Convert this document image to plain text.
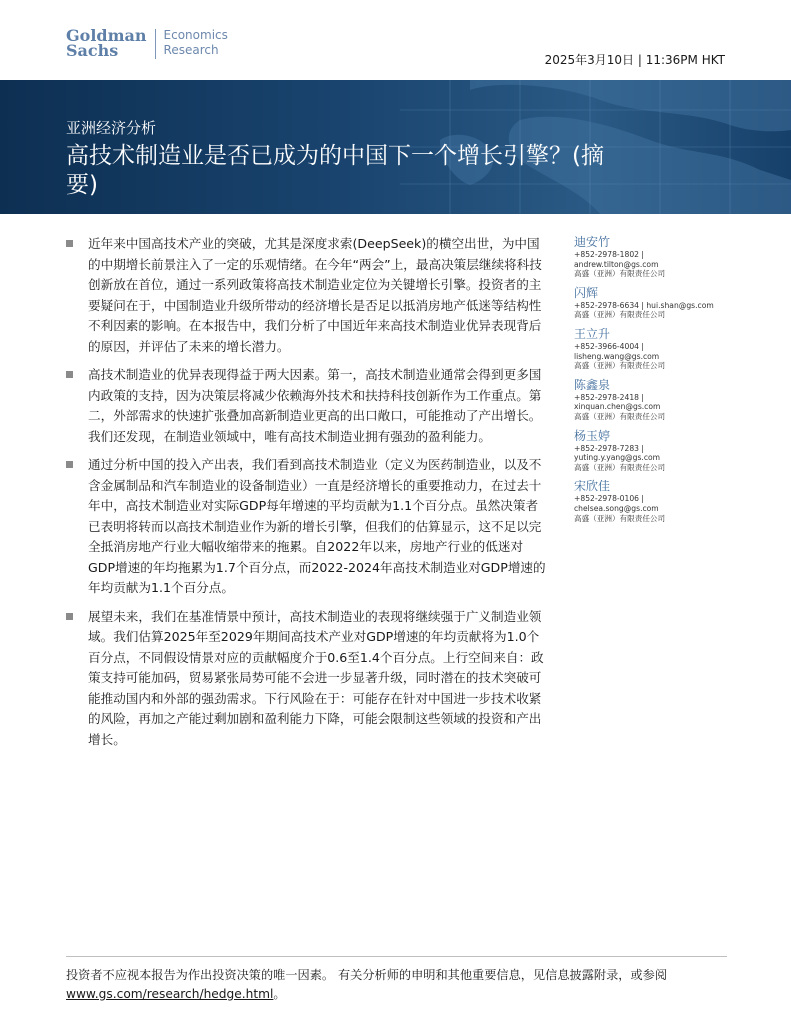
Goldman
Sachs
Economics
Research
2025年3月10日 | 11:36PM HKT
亚洲经济分析
高技术制造业是否已成为的中国下一个增长引擎？(摘要)
近年来中国高技术产业的突破，尤其是深度求索(DeepSeek)的横空出世，为中国的中期增长前景注入了一定的乐观情绪。在今年“两会”上，最高决策层继续将科技创新放在首位，通过一系列政策将高技术制造业定位为关键增长引擎。投资者的主要疑问在于，中国制造业升级所带动的经济增长是否足以抵消房地产低迷等结构性不利因素的影响。在本报告中，我们分析了中国近年来高技术制造业优异表现背后的原因，并评估了未来的增长潜力。
高技术制造业的优异表现得益于两大因素。第一，高技术制造业通常会得到更多国内政策的支持，因为决策层将减少依赖海外技术和扶持科技创新作为工作重点。第二，外部需求的快速扩张叠加高新制造业更高的出口敞口，可能推动了产出增长。我们还发现，在制造业领域中，唯有高技术制造业拥有强劲的盈利能力。
通过分析中国的投入产出表，我们看到高技术制造业（定义为医药制造业，以及不含金属制品和汽车制造业的设备制造业）一直是经济增长的重要推动力，在过去十年中，高技术制造业对实际GDP每年增速的平均贡献为1.1个百分点。虽然决策者已表明将转而以高技术制造业作为新的增长引擎，但我们的估算显示，这不足以完全抵消房地产行业大幅收缩带来的拖累。自2022年以来，房地产行业的低迷对GDP增速的年均拖累为1.7个百分点，而2022-2024年高技术制造业对GDP增速的年均贡献为1.1个百分点。
展望未来，我们在基准情景中预计，高技术制造业的表现将继续强于广义制造业领域。我们估算2025年至2029年期间高技术产业对GDP增速的年均贡献将为1.0个百分点，不同假设情景对应的贡献幅度介于0.6至1.4个百分点。上行空间来自：政策支持可能加码，贸易紧张局势可能不会进一步显著升级，同时潜在的技术突破可能推动国内和外部的强劲需求。下行风险在于：可能存在针对中国进一步技术收紧的风险，再加之产能过剩加剧和盈利能力下降，可能会限制这些领域的投资和产出增长。
迪安竹
+852-2978-1802 |
andrew.tilton@gs.com
高盛（亚洲）有限责任公司
闪辉
+852-2978-6634 | hui.shan@gs.com
高盛（亚洲）有限责任公司
王立升
+852-3966-4004 |
lisheng.wang@gs.com
高盛（亚洲）有限责任公司
陈鑫泉
+852-2978-2418 |
xinquan.chen@gs.com
高盛（亚洲）有限责任公司
杨玉婷
+852-2978-7283 |
yuting.y.yang@gs.com
高盛（亚洲）有限责任公司
宋欣佳
+852-2978-0106 |
chelsea.song@gs.com
高盛（亚洲）有限责任公司
投资者不应视本报告为作出投资决策的唯一因素。 有关分析师的申明和其他重要信息，见信息披露附录，或参阅
www.gs.com/research/hedge.html。
